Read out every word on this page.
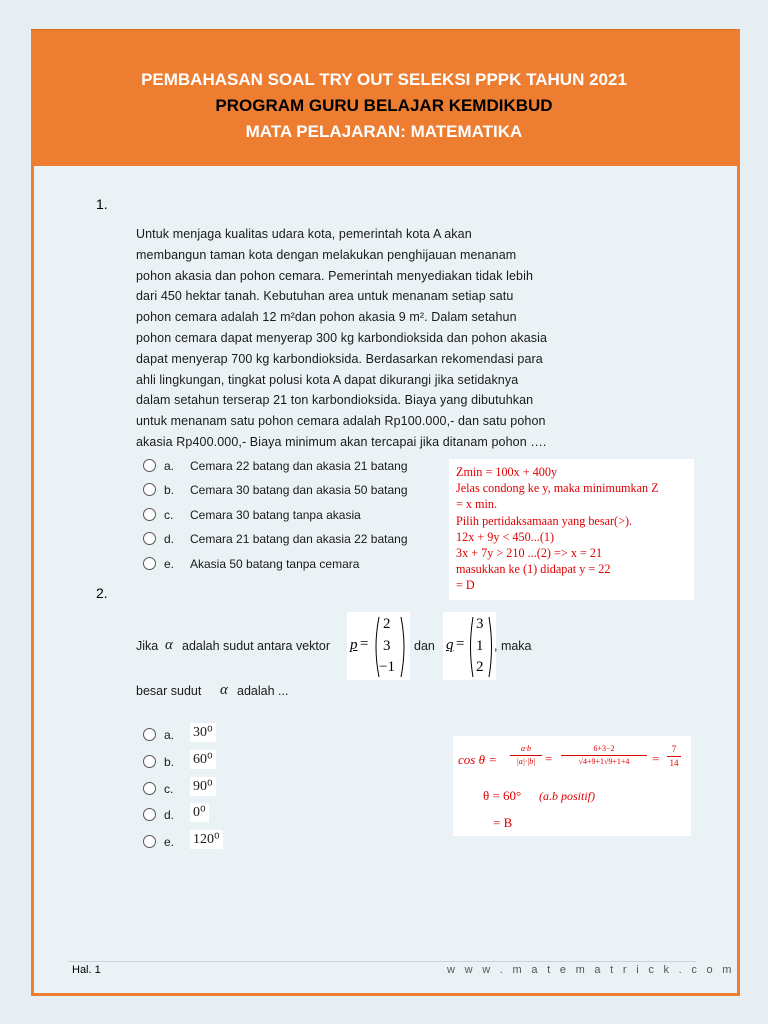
PEMBAHASAN SOAL TRY OUT SELEKSI PPPK TAHUN 2021
PROGRAM GURU BELAJAR KEMDIKBUD
MATA PELAJARAN: MATEMATIKA
1.
Untuk menjaga kualitas udara kota, pemerintah kota A akan
membangun taman kota dengan melakukan penghijauan menanam
pohon akasia dan pohon cemara. Pemerintah menyediakan tidak lebih
dari 450 hektar tanah. Kebutuhan area untuk menanam setiap satu
pohon cemara adalah 12 m²dan pohon akasia 9 m². Dalam setahun
pohon cemara dapat menyerap 300 kg karbondioksida dan pohon akasia
dapat menyerap 700 kg karbondioksida. Berdasarkan rekomendasi para
ahli lingkungan, tingkat polusi kota A dapat dikurangi jika setidaknya
dalam setahun terserap 21 ton karbondioksida. Biaya yang dibutuhkan
untuk menanam satu pohon cemara adalah Rp100.000,- dan satu pohon
akasia Rp400.000,- Biaya minimum akan tercapai jika ditanam pohon ….
a. Cemara 22 batang dan akasia 21 batang
b. Cemara 30 batang dan akasia 50 batang
c. Cemara 30 batang tanpa akasia
d. Cemara 21 batang dan akasia 22 batang
e. Akasia 50 batang tanpa cemara
Zmin = 100x + 400y
Jelas condong ke y, maka minimumkan Z
= x min.
Pilih pertidaksamaan yang besar(>).
12x + 9y < 450...(1)
3x + 7y > 210 ...(2) => x = 21
masukkan ke (1) didapat y = 22
= D
2.
Jika α adalah sudut antara vektor p =
2
3
−1
dan q =
3
1
2
, maka
besar sudut α adalah ...
a. 30⁰
b. 60⁰
c. 90⁰
d. 0⁰
e. 120⁰
cos θ =
a·b
|a|·|b| =
6+3−2
√4+9+1√9+1+4	=
7
14
θ = 60° (a.b positif)
= B
Hal. 1	w w w . m a t e m a t r i c k . c o m
